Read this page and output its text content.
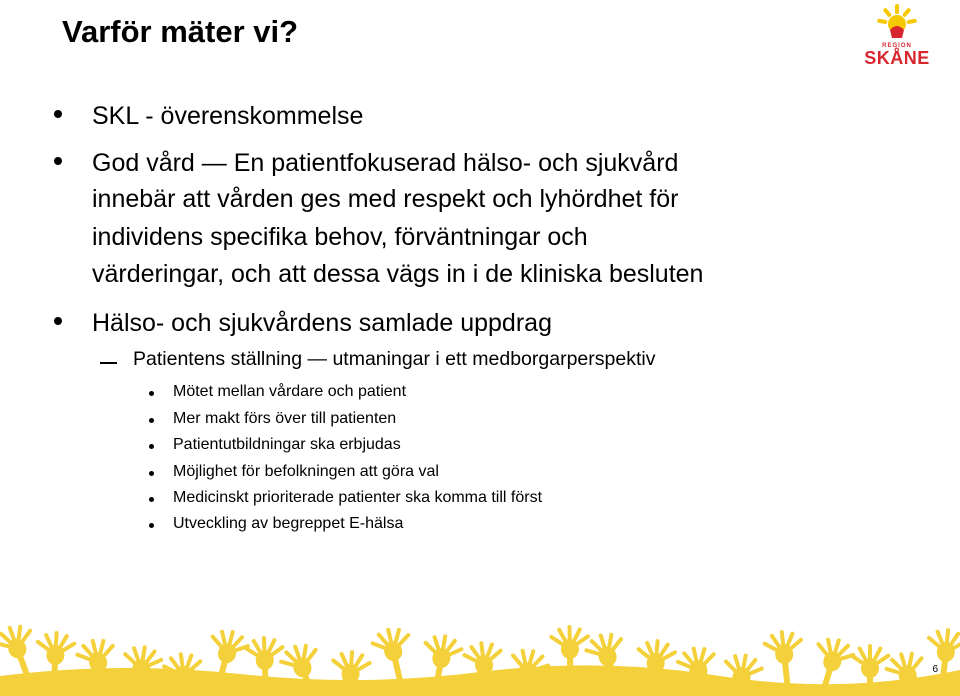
Varför mäter vi?	REGION
SKÅNE
SKL - överenskommelse
God vård — En patientfokuserad hälso- och sjukvård
innebär att vården ges med respekt och lyhördhet för
individens specifika behov, förväntningar och
värderingar, och att dessa vägs in i de kliniska besluten
Hälso- och sjukvårdens samlade uppdrag
Patientens ställning — utmaningar i ett medborgarperspektiv
Mötet mellan vårdare och patient
Mer makt förs över till patienten
Patientutbildningar ska erbjudas
Möjlighet för befolkningen att göra val
Medicinskt prioriterade patienter ska komma till först
Utveckling av begreppet E-hälsa
6
